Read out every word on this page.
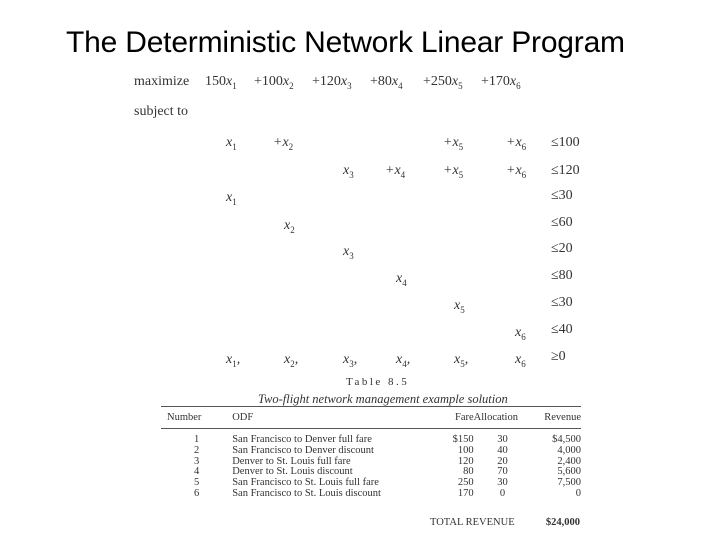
The Deterministic Network Linear Program
maximize $150x_1 +100x_2 +120x_3 +80x_4 +250x_5 +170x_6$
subject to
$x_1$	$+x_2$	$+x_5$	$+x_6 \le 100$
$x_3 +x_4$	$+x_5$	$+x_6 \le 120$
$x_1$	≤30
$x_2$	≤60
$x_3$	≤20
$x_4$	≤80
$x_5$	≤30
$x_6 \le 40$
$x_1$,	$x_2$,	$x_3$,	$x_4$,	$x_5$,	$x_6 \ge 0$
Table 8.5
Two-flight network management example solution
Number	ODF	Fare	Allocation	Revenue
1	San Francisco to Denver full fare	$150	30	$4,500
2	San Francisco to Denver discount	100	40	4,000
3	Denver to St. Louis full fare	120	20	2,400
4	Denver to St. Louis discount	80	70	5,600
5	San Francisco to St. Louis full fare	250	30	7,500
6	San Francisco to St. Louis discount	170	0	0
TOTAL REVENUE	$24,000
